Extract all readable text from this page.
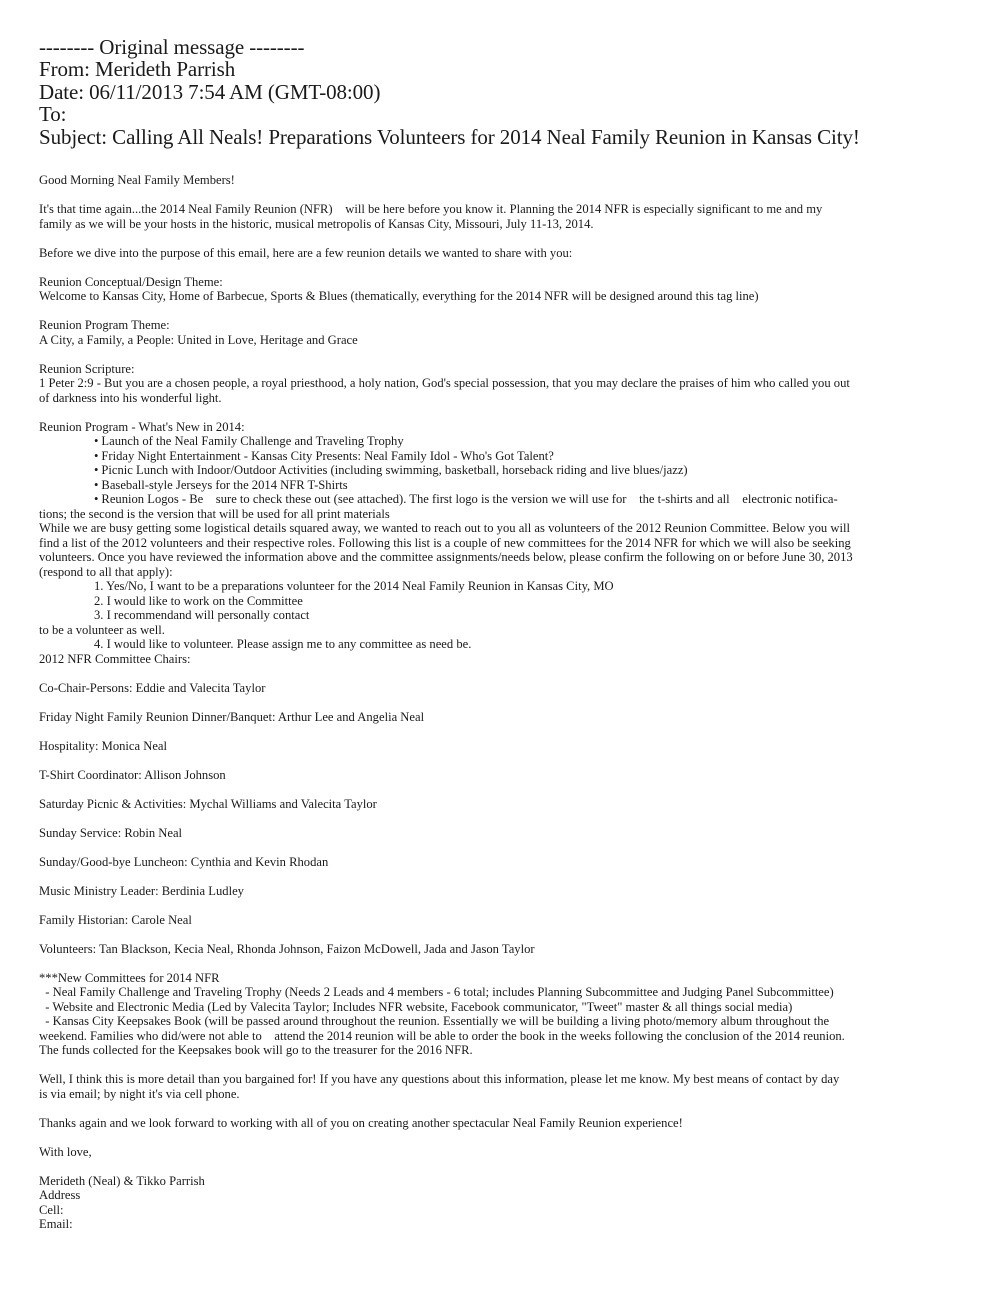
-------- Original message --------
From: Merideth Parrish
Date: 06/11/2013 7:54 AM (GMT-08:00)
To:
Subject: Calling All Neals! Preparations Volunteers for 2014 Neal Family Reunion in Kansas City!
Good Morning Neal Family Members!
It's that time again...the 2014 Neal Family Reunion (NFR)    will be here before you know it. Planning the 2014 NFR is especially significant to me and my
family as we will be your hosts in the historic, musical metropolis of Kansas City, Missouri, July 11-13, 2014.
Before we dive into the purpose of this email, here are a few reunion details we wanted to share with you:
Reunion Conceptual/Design Theme:
Welcome to Kansas City, Home of Barbecue, Sports & Blues (thematically, everything for the 2014 NFR will be designed around this tag line)
Reunion Program Theme:
A City, a Family, a People: United in Love, Heritage and Grace
Reunion Scripture:
1 Peter 2:9 - But you are a chosen people, a royal priesthood, a holy nation, God's special possession, that you may declare the praises of him who called you out
of darkness into his wonderful light.
Reunion Program - What's New in 2014:
• Launch of the Neal Family Challenge and Traveling Trophy
• Friday Night Entertainment - Kansas City Presents: Neal Family Idol - Who's Got Talent?
• Picnic Lunch with Indoor/Outdoor Activities (including swimming, basketball, horseback riding and live blues/jazz)
• Baseball-style Jerseys for the 2014 NFR T-Shirts
• Reunion Logos - Be    sure to check these out (see attached). The first logo is the version we will use for    the t-shirts and all    electronic notifica-
tions; the second is the version that will be used for all print materials
While we are busy getting some logistical details squared away, we wanted to reach out to you all as volunteers of the 2012 Reunion Committee. Below you will
find a list of the 2012 volunteers and their respective roles. Following this list is a couple of new committees for the 2014 NFR for which we will also be seeking
volunteers. Once you have reviewed the information above and the committee assignments/needs below, please confirm the following on or before June 30, 2013
(respond to all that apply):
1. Yes/No, I want to be a preparations volunteer for the 2014 Neal Family Reunion in Kansas City, MO
2. I would like to work on the Committee
3. I recommendand will personally contact
to be a volunteer as well.
4. I would like to volunteer. Please assign me to any committee as need be.
2012 NFR Committee Chairs:
Co-Chair-Persons: Eddie and Valecita Taylor
Friday Night Family Reunion Dinner/Banquet: Arthur Lee and Angelia Neal
Hospitality: Monica Neal
T-Shirt Coordinator: Allison Johnson
Saturday Picnic & Activities: Mychal Williams and Valecita Taylor
Sunday Service: Robin Neal
Sunday/Good-bye Luncheon: Cynthia and Kevin Rhodan
Music Ministry Leader: Berdinia Ludley
Family Historian: Carole Neal
Volunteers: Tan Blackson, Kecia Neal, Rhonda Johnson, Faizon McDowell, Jada and Jason Taylor
***New Committees for 2014 NFR
- Neal Family Challenge and Traveling Trophy (Needs 2 Leads and 4 members - 6 total; includes Planning Subcommittee and Judging Panel Subcommittee)
- Website and Electronic Media (Led by Valecita Taylor; Includes NFR website, Facebook communicator, "Tweet" master & all things social media)
- Kansas City Keepsakes Book (will be passed around throughout the reunion. Essentially we will be building a living photo/memory album throughout the
weekend. Families who did/were not able to    attend the 2014 reunion will be able to order the book in the weeks following the conclusion of the 2014 reunion.
The funds collected for the Keepsakes book will go to the treasurer for the 2016 NFR.
Well, I think this is more detail than you bargained for! If you have any questions about this information, please let me know. My best means of contact by day
is via email; by night it's via cell phone.
Thanks again and we look forward to working with all of you on creating another spectacular Neal Family Reunion experience!
With love,
Merideth (Neal) & Tikko Parrish
Address
Cell:
Email:
